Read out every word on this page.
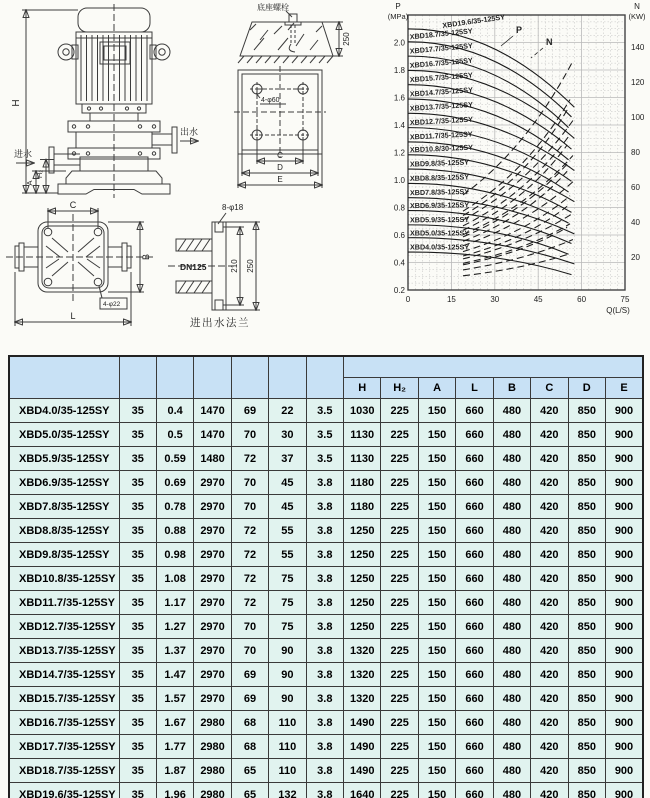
出水
进水
H
H₂
A
底座螺栓
250
4-φ60
C
D
E
C
B
L
4-φ22
8-φ18
DN125	210 250
进出水法兰
XBD19.6/35-125SY
XBD18.7/35-125SY
XBD17.7/35-125SY
XBD16.7/35-125SY
XBD15.7/35-125SY
XBD14.7/35-125SY
XBD13.7/35-125SY
XBD12.7/35-125SY
XBD11.7/35-125SY
XBD10.8/30-125SY
XBD9.8/35-125SY
XBD8.8/35-125SY
XBD7.8/35-125SY
XBD6.9/35-125SY
XBD5.9/35-125SY
XBD5.0/35-125SY
XBD4.0/35-125SY
0	15	30	45	60	75
2.0
1.8
1.6
1.4
1.2
1.0
0.8
0.6
0.4
0.2
140
120
100
80
60
40
20
P
(MPa)
N
(KW)
Q(L/S)
P
N

							H	H₂	A	L	B	C	D	E
XBD4.0/35-125SY	35	0.4	1470	69	22	3.5	1030	225	150	660	480	420	850	900
XBD5.0/35-125SY	35	0.5	1470	70	30	3.5	1130	225	150	660	480	420	850	900
XBD5.9/35-125SY	35	0.59	1480	72	37	3.5	1130	225	150	660	480	420	850	900
XBD6.9/35-125SY	35	0.69	2970	70	45	3.8	1180	225	150	660	480	420	850	900
XBD7.8/35-125SY	35	0.78	2970	70	45	3.8	1180	225	150	660	480	420	850	900
XBD8.8/35-125SY	35	0.88	2970	72	55	3.8	1250	225	150	660	480	420	850	900
XBD9.8/35-125SY	35	0.98	2970	72	55	3.8	1250	225	150	660	480	420	850	900
XBD10.8/35-125SY	35	1.08	2970	72	75	3.8	1250	225	150	660	480	420	850	900
XBD11.7/35-125SY	35	1.17	2970	72	75	3.8	1250	225	150	660	480	420	850	900
XBD12.7/35-125SY	35	1.27	2970	70	75	3.8	1250	225	150	660	480	420	850	900
XBD13.7/35-125SY	35	1.37	2970	70	90	3.8	1320	225	150	660	480	420	850	900
XBD14.7/35-125SY	35	1.47	2970	69	90	3.8	1320	225	150	660	480	420	850	900
XBD15.7/35-125SY	35	1.57	2970	69	90	3.8	1320	225	150	660	480	420	850	900
XBD16.7/35-125SY	35	1.67	2980	68	110	3.8	1490	225	150	660	480	420	850	900
XBD17.7/35-125SY	35	1.77	2980	68	110	3.8	1490	225	150	660	480	420	850	900
XBD18.7/35-125SY	35	1.87	2980	65	110	3.8	1490	225	150	660	480	420	850	900
XBD19.6/35-125SY	35	1.96	2980	65	132	3.8	1640	225	150	660	480	420	850	900
